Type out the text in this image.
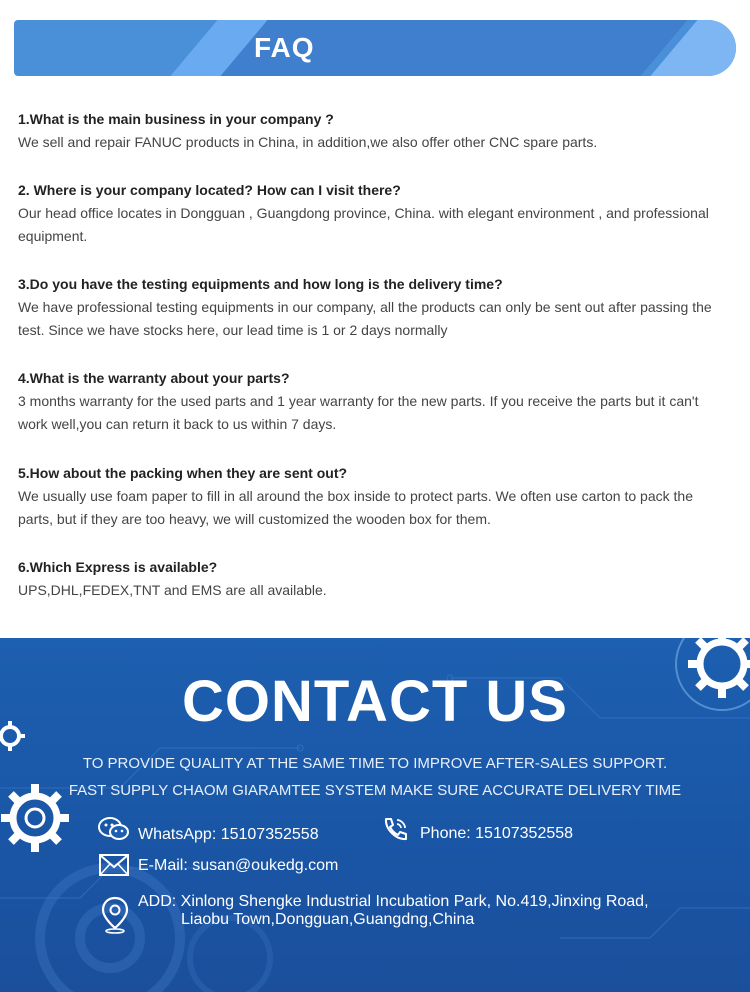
FAQ
1.What is the main business in your company ?
We sell and repair FANUC products in China, in addition,we also offer other CNC spare parts.
2. Where is your company located? How can I visit there?
Our head office locates in Dongguan , Guangdong province, China. with elegant environment , and professional equipment.
3.Do you have the testing equipments and how long is the delivery time?
We have professional testing equipments in our company, all the products can only be sent out after passing the test. Since we have stocks here, our lead time is 1 or 2 days normally
4.What is the warranty about your parts?
3 months warranty for the used parts and 1 year warranty for the new parts. If you receive the parts but it can't work well,you can return it back to us within 7 days.
5.How about the packing when they are sent out?
We usually use foam paper to fill in all around the box inside to protect parts. We often use carton to pack the parts, but if they are too heavy, we will customized the wooden box for them.
6.Which Express is available?
UPS,DHL,FEDEX,TNT and EMS are all available.
CONTACT US
TO PROVIDE QUALITY AT THE SAME TIME TO IMPROVE AFTER-SALES SUPPORT.
FAST SUPPLY CHAOM GIARAMTEE SYSTEM MAKE SURE ACCURATE DELIVERY TIME
WhatsApp: 15107352558	Phone: 15107352558
E-Mail: susan@oukedg.com
ADD: Xinlong Shengke Industrial Incubation Park, No.419,Jinxing Road,
Liaobu Town,Dongguan,Guangdng,China
